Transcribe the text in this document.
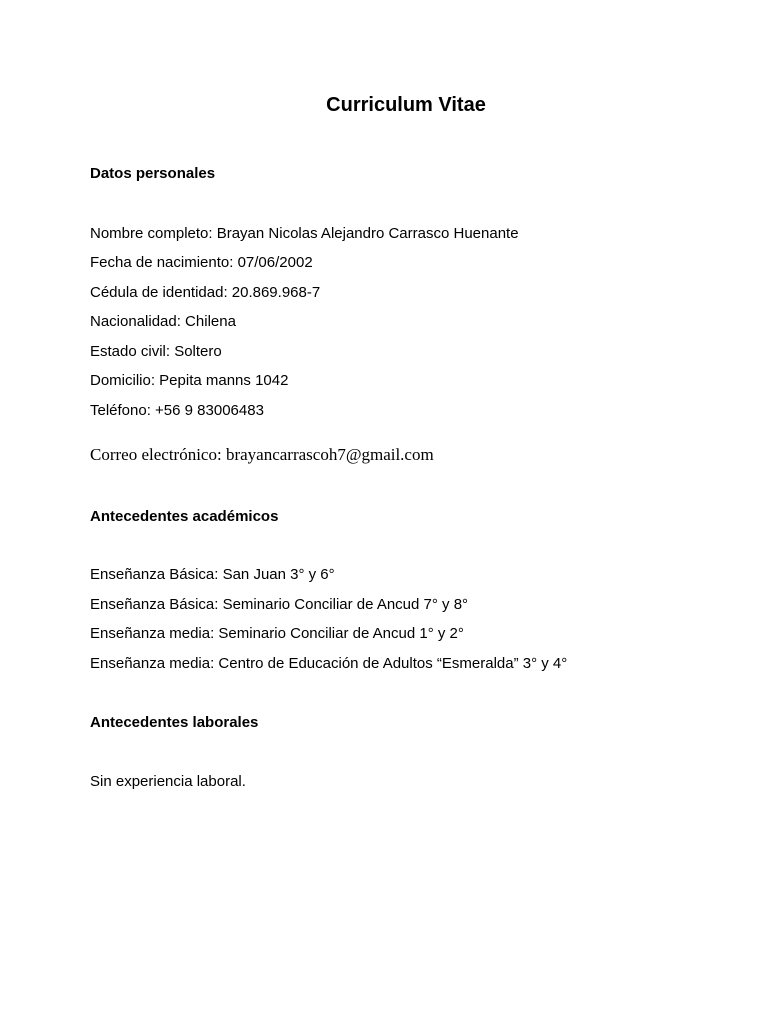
Curriculum Vitae
Datos personales

Nombre completo: Brayan Nicolas Alejandro Carrasco Huenante

Fecha de nacimiento: 07/06/2002

Cédula de identidad: 20.869.968-7

Nacionalidad: Chilena

Estado civil: Soltero

Domicilio: Pepita manns 1042

Teléfono: +56 9 83006483

Correo electrónico: brayancarrascoh7@gmail.com

Antecedentes académicos

Enseñanza Básica: San Juan 3° y 6°

Enseñanza Básica: Seminario Conciliar de Ancud 7° y 8°

Enseñanza media: Seminario Conciliar de Ancud 1° y 2°

Enseñanza media: Centro de Educación de Adultos “Esmeralda” 3° y 4°

Antecedentes laborales

Sin experiencia laboral.
